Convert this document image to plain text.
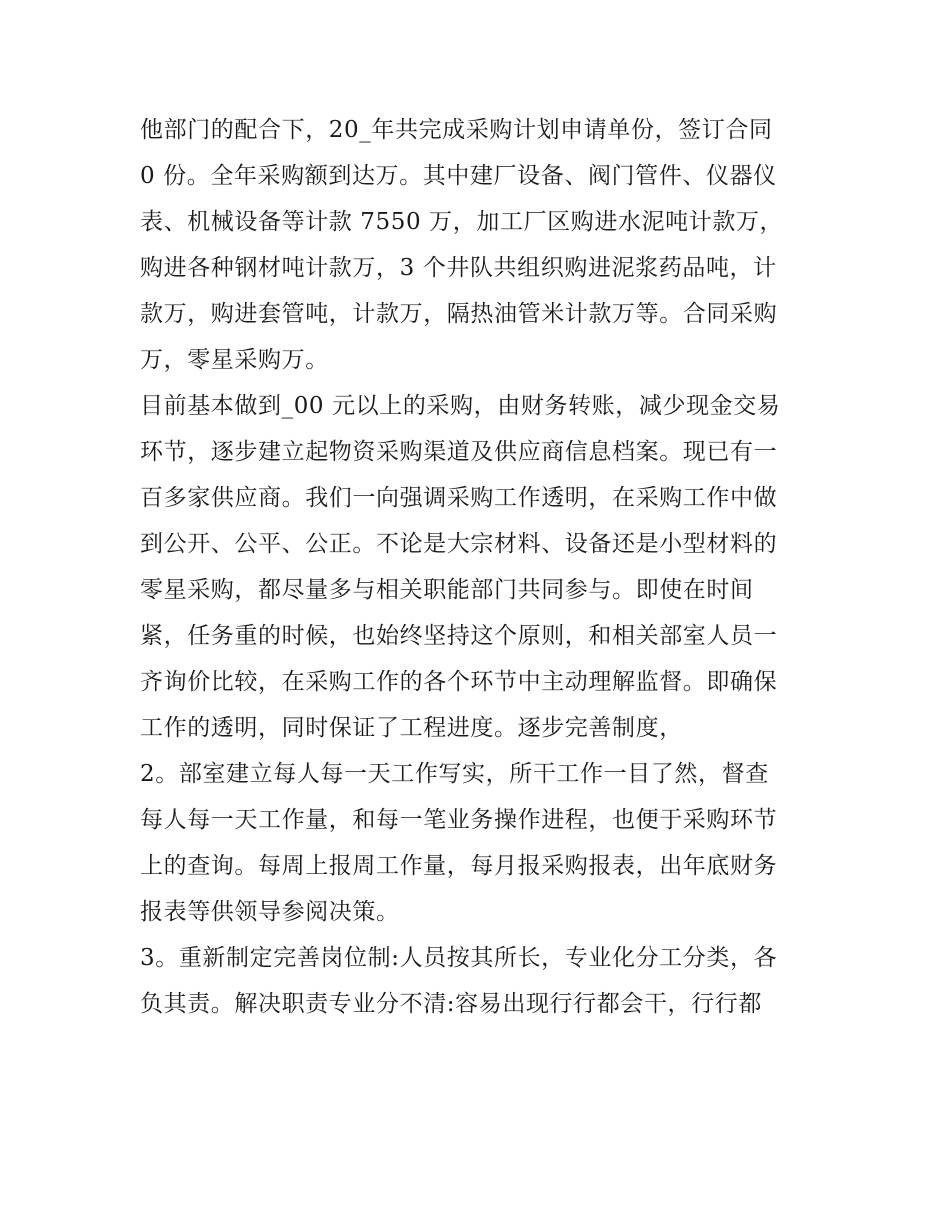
他部门的配合下，20_年共完成采购计划申请单份，签订合同
0 份。全年采购额到达万。其中建厂设备、阀门管件、仪器仪
表、机械设备等计款 7550 万，加工厂区购进水泥吨计款万，
购进各种钢材吨计款万，3 个井队共组织购进泥浆药品吨，计
款万，购进套管吨，计款万，隔热油管米计款万等。合同采购
万，零星采购万。

目前基本做到_00 元以上的采购，由财务转账，减少现金交易
环节，逐步建立起物资采购渠道及供应商信息档案。现已有一
百多家供应商。我们一向强调采购工作透明，在采购工作中做
到公开、公平、公正。不论是大宗材料、设备还是小型材料的
零星采购，都尽量多与相关职能部门共同参与。即使在时间
紧，任务重的时候，也始终坚持这个原则，和相关部室人员一
齐询价比较，在采购工作的各个环节中主动理解监督。即确保
工作的透明，同时保证了工程进度。逐步完善制度，

2。部室建立每人每一天工作写实，所干工作一目了然，督查
每人每一天工作量，和每一笔业务操作进程，也便于采购环节
上的查询。每周上报周工作量，每月报采购报表，出年底财务
报表等供领导参阅决策。

3。重新制定完善岗位制:人员按其所长，专业化分工分类，各
负其责。解决职责专业分不清:容易出现行行都会干，行行都
